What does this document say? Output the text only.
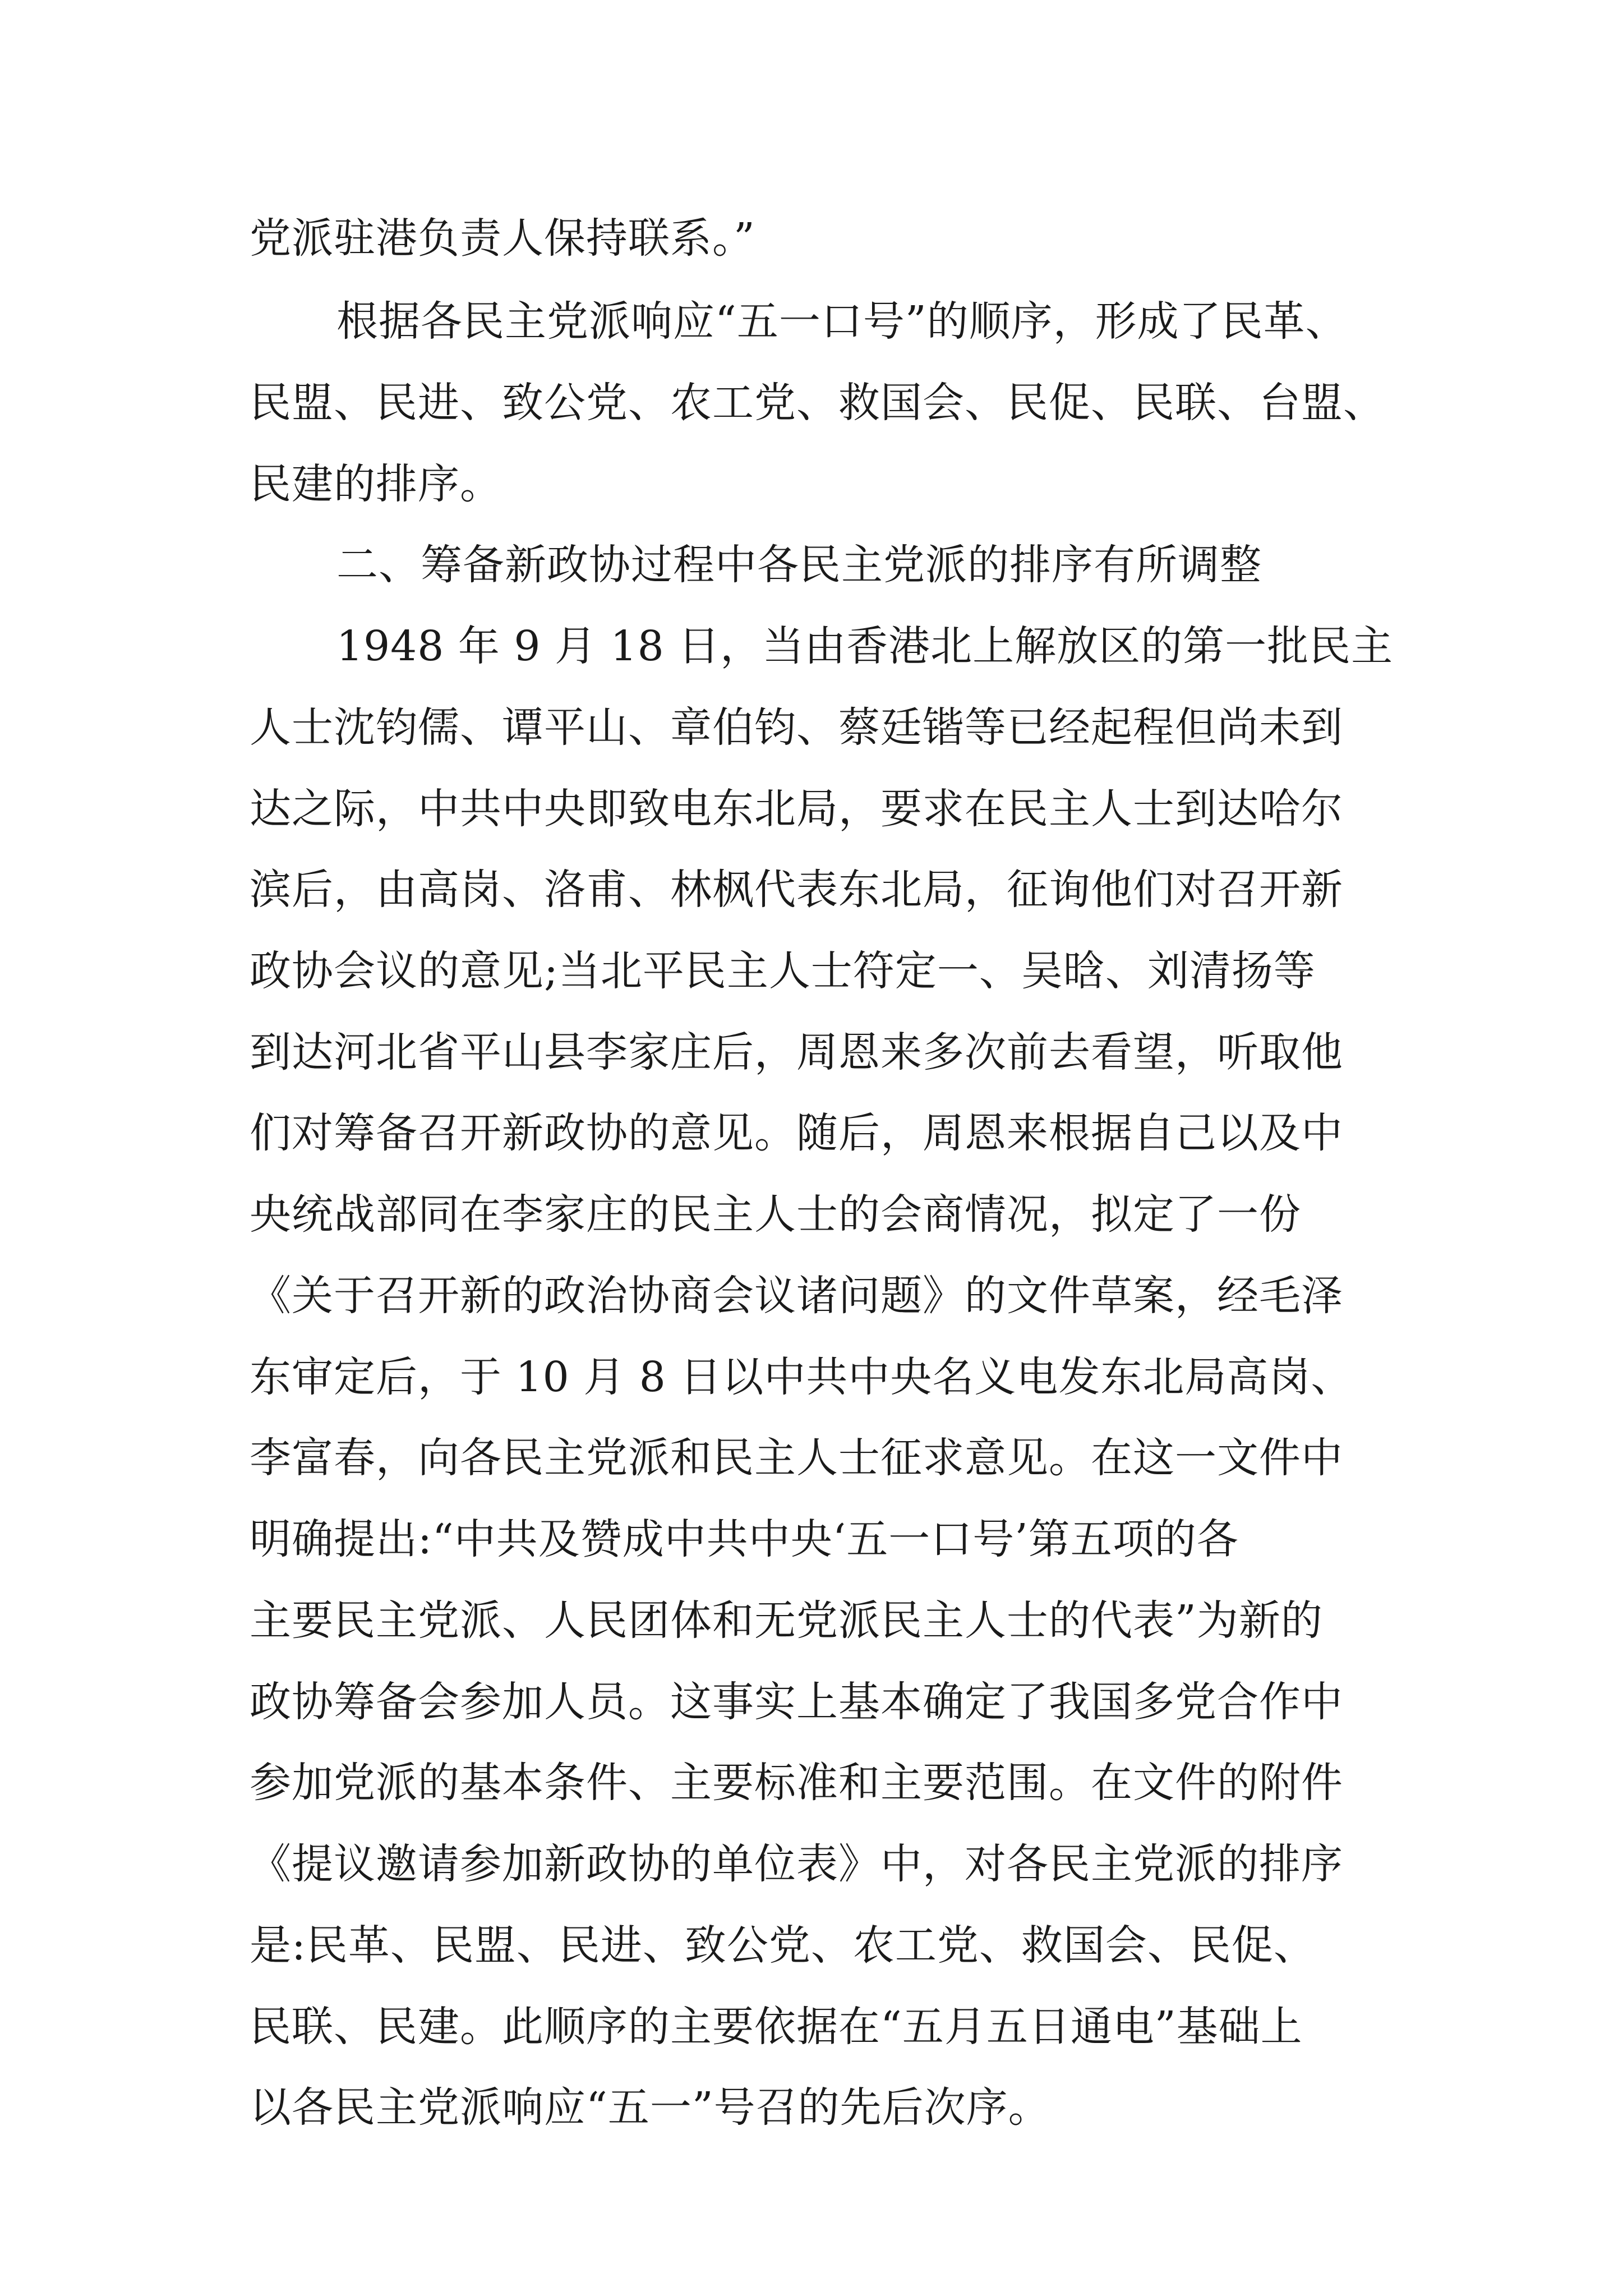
党派驻港负责人保持联系。”
根据各民主党派响应“五一口号”的顺序，形成了民革、
民盟、民进、致公党、农工党、救国会、民促、民联、台盟、
民建的排序。
二、筹备新政协过程中各民主党派的排序有所调整
1948 年 9 月 18 日，当由香港北上解放区的第一批民主
人士沈钧儒、谭平山、章伯钧、蔡廷锴等已经起程但尚未到
达之际，中共中央即致电东北局，要求在民主人士到达哈尔
滨后，由高岗、洛甫、林枫代表东北局，征询他们对召开新
政协会议的意见;当北平民主人士符定一、吴晗、刘清扬等
到达河北省平山县李家庄后，周恩来多次前去看望，听取他
们对筹备召开新政协的意见。随后，周恩来根据自己以及中
央统战部同在李家庄的民主人士的会商情况，拟定了一份
《关于召开新的政治协商会议诸问题》的文件草案，经毛泽
东审定后，于 10 月 8 日以中共中央名义电发东北局高岗、
李富春，向各民主党派和民主人士征求意见。在这一文件中
明确提出:“中共及赞成中共中央‘五一口号’第五项的各
主要民主党派、人民团体和无党派民主人士的代表”为新的
政协筹备会参加人员。这事实上基本确定了我国多党合作中
参加党派的基本条件、主要标准和主要范围。在文件的附件
《提议邀请参加新政协的单位表》中，对各民主党派的排序
是:民革、民盟、民进、致公党、农工党、救国会、民促、
民联、民建。此顺序的主要依据在“五月五日通电”基础上
以各民主党派响应“五一”号召的先后次序。
